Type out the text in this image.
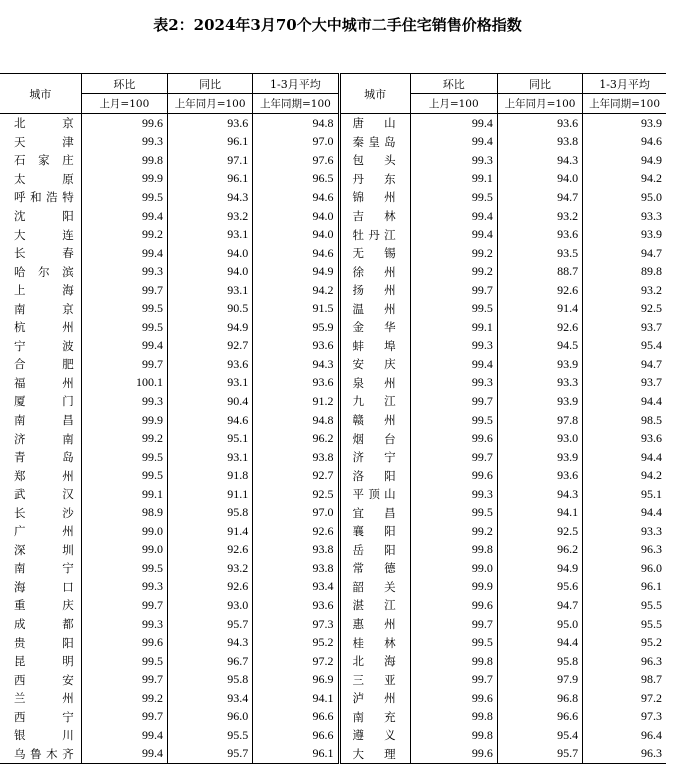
表2：2024年3月70个大中城市二手住宅销售价格指数
城市	环比	同比	1-3月平均	城市	环比	同比	1-3月平均
	上月=100	上年同月=100	上年同期=100		上月=100	上年同月=100	上年同期=100
北京	99.6	93.6	94.8	唐山	99.4	93.6	93.9
天津	99.3	96.1	97.0	秦皇岛	99.4	93.8	94.6
石家庄	99.8	97.1	97.6	包头	99.3	94.3	94.9
太原	99.9	96.1	96.5	丹东	99.1	94.0	94.2
呼和浩特	99.5	94.3	94.6	锦州	99.5	94.7	95.0
沈阳	99.4	93.2	94.0	吉林	99.4	93.2	93.3
大连	99.2	93.1	94.0	牡丹江	99.4	93.6	93.9
长春	99.4	94.0	94.6	无锡	99.2	93.5	94.7
哈尔滨	99.3	94.0	94.9	徐州	99.2	88.7	89.8
上海	99.7	93.1	94.2	扬州	99.7	92.6	93.2
南京	99.5	90.5	91.5	温州	99.5	91.4	92.5
杭州	99.5	94.9	95.9	金华	99.1	92.6	93.7
宁波	99.4	92.7	93.6	蚌埠	99.3	94.5	95.4
合肥	99.7	93.6	94.3	安庆	99.4	93.9	94.7
福州	100.1	93.1	93.6	泉州	99.3	93.3	93.7
厦门	99.3	90.4	91.2	九江	99.7	93.9	94.4
南昌	99.9	94.6	94.8	赣州	99.5	97.8	98.5
济南	99.2	95.1	96.2	烟台	99.6	93.0	93.6
青岛	99.5	93.1	93.8	济宁	99.7	93.9	94.4
郑州	99.5	91.8	92.7	洛阳	99.6	93.6	94.2
武汉	99.1	91.1	92.5	平顶山	99.3	94.3	95.1
长沙	98.9	95.8	97.0	宜昌	99.5	94.1	94.4
广州	99.0	91.4	92.6	襄阳	99.2	92.5	93.3
深圳	99.0	92.6	93.8	岳阳	99.8	96.2	96.3
南宁	99.5	93.2	93.8	常德	99.0	94.9	96.0
海口	99.3	92.6	93.4	韶关	99.9	95.6	96.1
重庆	99.7	93.0	93.6	湛江	99.6	94.7	95.5
成都	99.3	95.7	97.3	惠州	99.7	95.0	95.5
贵阳	99.6	94.3	95.2	桂林	99.5	94.4	95.2
昆明	99.5	96.7	97.2	北海	99.8	95.8	96.3
西安	99.7	95.8	96.9	三亚	99.7	97.9	98.7
兰州	99.2	93.4	94.1	泸州	99.6	96.8	97.2
西宁	99.7	96.0	96.6	南充	99.8	96.6	97.3
银川	99.4	95.5	96.6	遵义	99.8	95.4	96.4
乌鲁木齐	99.4	95.7	96.1	大理	99.6	95.7	96.3
